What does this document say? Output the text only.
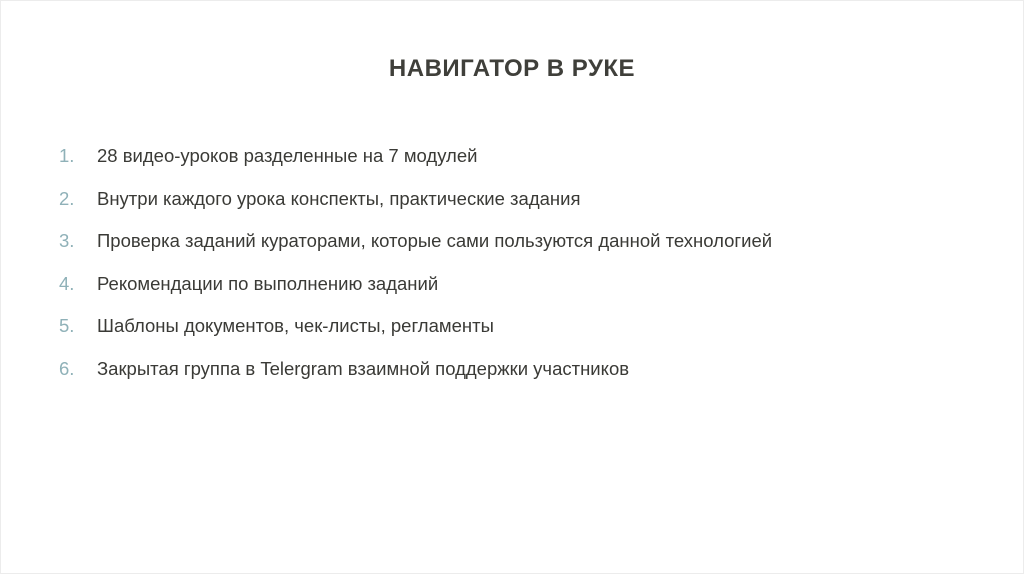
НАВИГАТОР В РУКЕ
1.	28 видео-уроков разделенные на 7 модулей
2.	Внутри каждого урока конспекты, практические задания
3.	Проверка заданий кураторами, которые сами пользуются данной технологией
4.	Рекомендации по выполнению заданий
5.	Шаблоны документов, чек-листы, регламенты
6.	Закрытая группа в Telergram взаимной поддержки участников
